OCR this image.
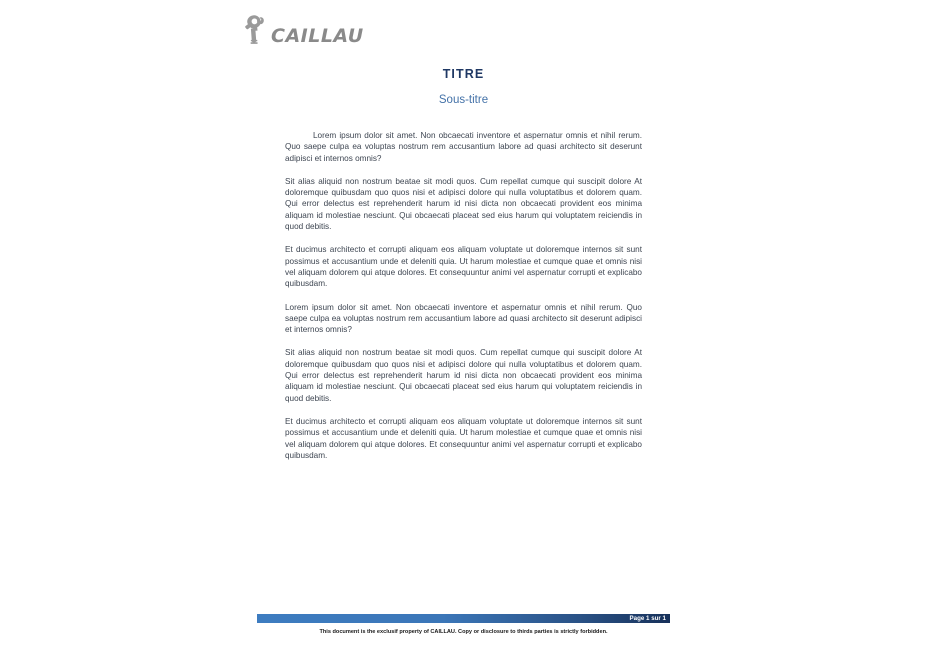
CAILLAU

TITRE

Sous-titre

Lorem ipsum dolor sit amet. Non obcaecati inventore et aspernatur omnis et nihil rerum. Quo saepe culpa ea voluptas nostrum rem accusantium labore ad quasi architecto sit deserunt adipisci et internos omnis?

Sit alias aliquid non nostrum beatae sit modi quos. Cum repellat cumque qui suscipit dolore At doloremque quibusdam quo quos nisi et adipisci dolore qui nulla voluptatibus et dolorem quam. Qui error delectus est reprehenderit harum id nisi dicta non obcaecati provident eos minima aliquam id molestiae nesciunt. Qui obcaecati placeat sed eius harum qui voluptatem reiciendis in quod debitis.

Et ducimus architecto et corrupti aliquam eos aliquam voluptate ut doloremque internos sit sunt possimus et accusantium unde et deleniti quia. Ut harum molestiae et cumque quae et omnis nisi vel aliquam dolorem qui atque dolores. Et consequuntur animi vel aspernatur corrupti et explicabo quibusdam.

Lorem ipsum dolor sit amet. Non obcaecati inventore et aspernatur omnis et nihil rerum. Quo saepe culpa ea voluptas nostrum rem accusantium labore ad quasi architecto sit deserunt adipisci et internos omnis?

Sit alias aliquid non nostrum beatae sit modi quos. Cum repellat cumque qui suscipit dolore At doloremque quibusdam quo quos nisi et adipisci dolore qui nulla voluptatibus et dolorem quam. Qui error delectus est reprehenderit harum id nisi dicta non obcaecati provident eos minima aliquam id molestiae nesciunt. Qui obcaecati placeat sed eius harum qui voluptatem reiciendis in quod debitis.

Et ducimus architecto et corrupti aliquam eos aliquam voluptate ut doloremque internos sit sunt possimus et accusantium unde et deleniti quia. Ut harum molestiae et cumque quae et omnis nisi vel aliquam dolorem qui atque dolores. Et consequuntur animi vel aspernatur corrupti et explicabo quibusdam.

Page 1 sur 1
This document is the exclusif property of CAILLAU. Copy or disclosure to thirds parties is strictly forbidden.
